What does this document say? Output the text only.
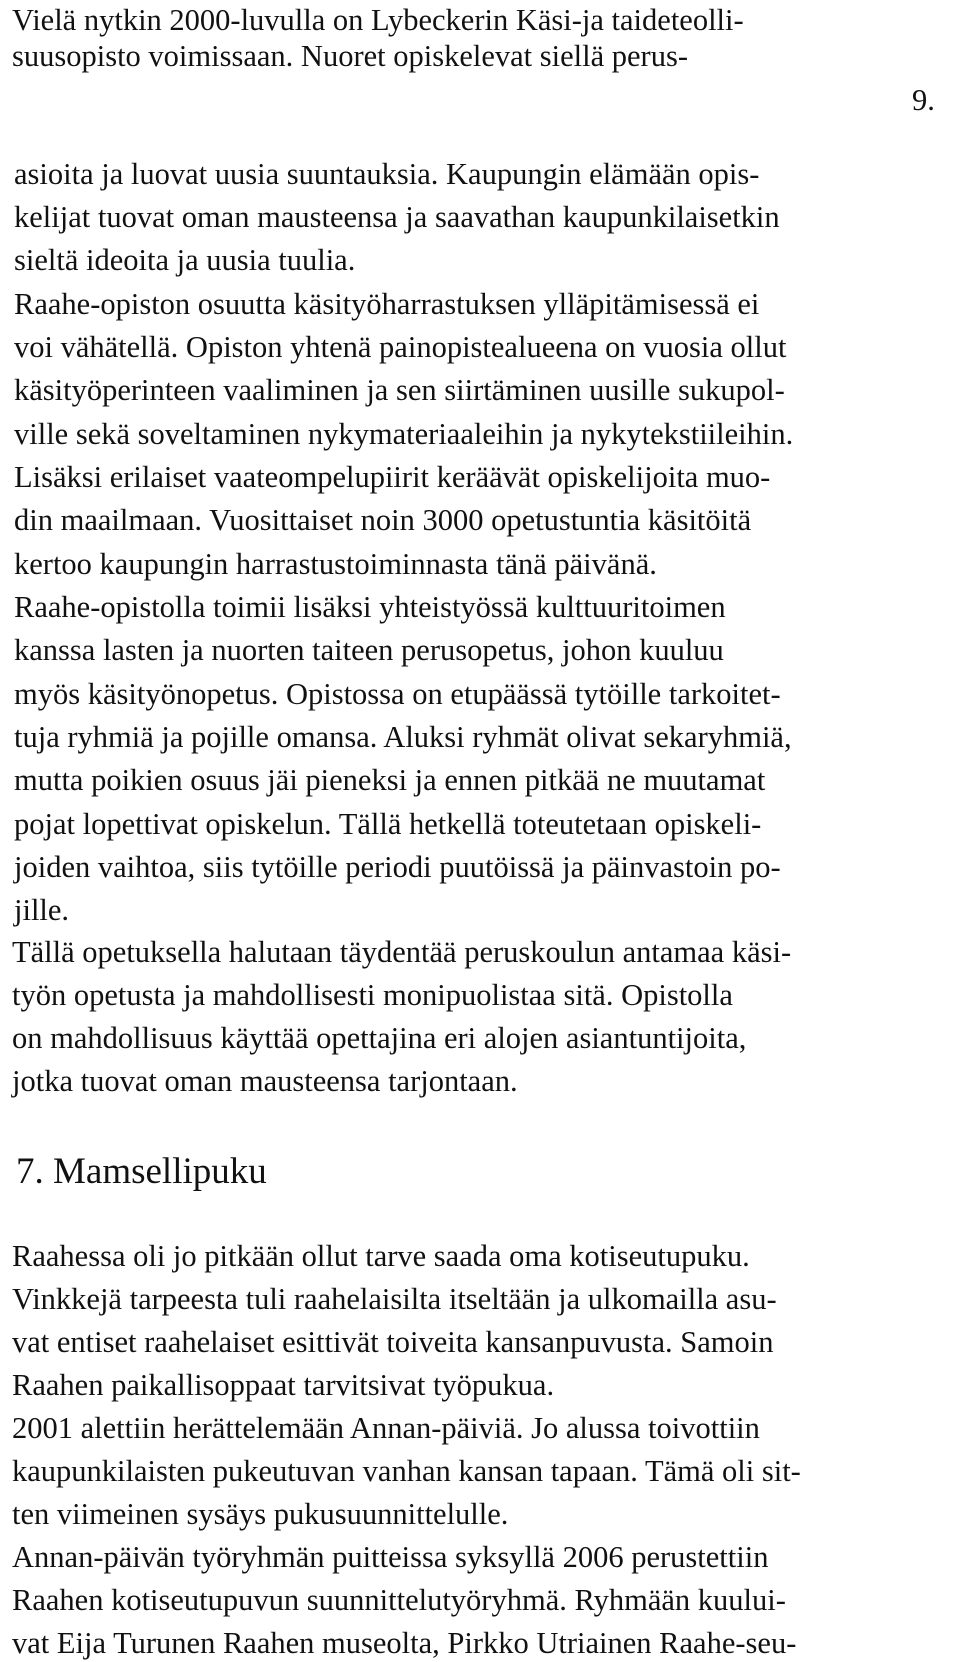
9.
Vielä nytkin 2000-luvulla on Lybeckerin Käsi-ja taideteolli-
suusopisto voimissaan. Nuoret opiskelevat siellä perus-
asioita ja luovat uusia suuntauksia. Kaupungin elämään opis-
kelijat tuovat oman mausteensa ja saavathan kaupunkilaisetkin
sieltä ideoita ja uusia tuulia.
Raahe-opiston osuutta käsityöharrastuksen ylläpitämisessä ei
voi vähätellä. Opiston yhtenä painopistealueena on vuosia ollut
käsityöperinteen vaaliminen ja sen siirtäminen uusille sukupol-
ville sekä soveltaminen nykymateriaaleihin ja nykytekstiileihin.
Lisäksi erilaiset vaateompelupiirit keräävät opiskelijoita muo-
din maailmaan. Vuosittaiset noin 3000 opetustuntia käsitöitä
kertoo kaupungin harrastustoiminnasta tänä päivänä.
Raahe-opistolla toimii lisäksi yhteistyössä kulttuuritoimen
kanssa lasten ja nuorten taiteen perusopetus, johon kuuluu
myös käsityönopetus. Opistossa on etupäässä tytöille tarkoitet-
tuja ryhmiä ja pojille omansa. Aluksi ryhmät olivat sekaryhmiä,
mutta poikien osuus jäi pieneksi ja ennen pitkää ne muutamat
pojat lopettivat opiskelun. Tällä hetkellä toteutetaan opiskeli-
joiden vaihtoa, siis tytöille periodi puutöissä ja päinvastoin po-
jille.
Tällä opetuksella halutaan täydentää peruskoulun antamaa käsi-
työn opetusta ja mahdollisesti monipuolistaa sitä. Opistolla
on mahdollisuus käyttää opettajina eri alojen asiantuntijoita,
jotka tuovat oman mausteensa tarjontaan.
7. Mamsellipuku
Raahessa oli jo pitkään ollut tarve saada oma kotiseutupuku.
Vinkkejä tarpeesta tuli raahelaisilta itseltään ja ulkomailla asu-
vat entiset raahelaiset esittivät toiveita kansanpuvusta. Samoin
Raahen paikallisoppaat tarvitsivat työpukua.
2001 alettiin herättelemään Annan-päiviä. Jo alussa toivottiin
kaupunkilaisten pukeutuvan vanhan kansan tapaan. Tämä oli sit-
ten viimeinen sysäys pukusuunnittelulle.
Annan-päivän työryhmän puitteissa syksyllä 2006 perustettiin
Raahen kotiseutupuvun suunnittelutyöryhmä. Ryhmään kuului-
vat Eija Turunen Raahen museolta, Pirkko Utriainen Raahe-seu-
